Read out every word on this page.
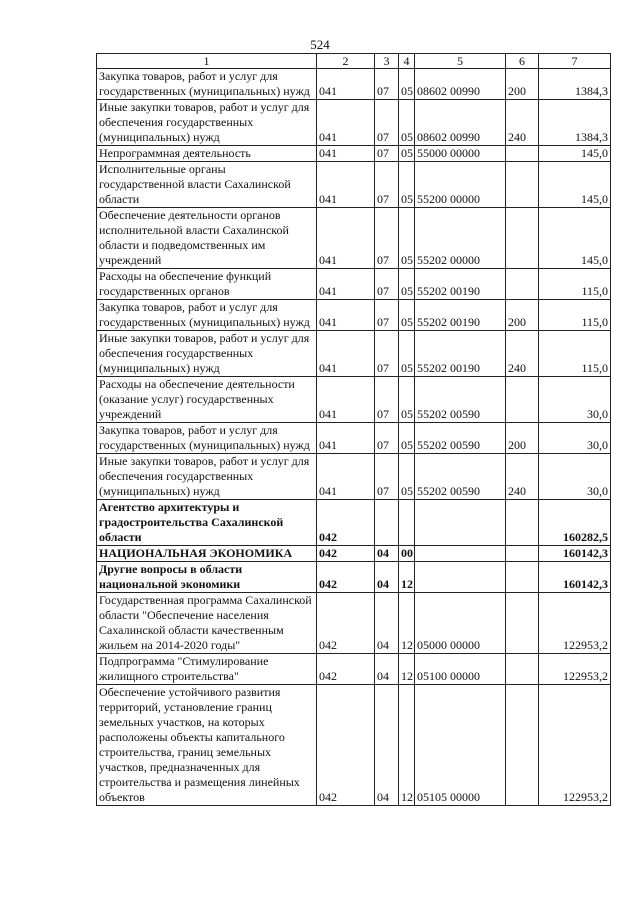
524
1	2	3	4	5	6	7
Закупка товаров, работ и услуг для государственных (муниципальных) нужд	041	07	05	08602 00990	200	1384,3
Иные закупки товаров, работ и услуг для обеспечения государственных (муниципальных) нужд	041	07	05	08602 00990	240	1384,3
Непрограммная деятельность	041	07	05	55000 00000		145,0
Исполнительные органы государственной власти Сахалинской области	041	07	05	55200 00000		145,0
Обеспечение деятельности органов исполнительной власти Сахалинской области и подведомственных им учреждений	041	07	05	55202 00000		145,0
Расходы на обеспечение функций государственных органов	041	07	05	55202 00190		115,0
Закупка товаров, работ и услуг для государственных (муниципальных) нужд	041	07	05	55202 00190	200	115,0
Иные закупки товаров, работ и услуг для обеспечения государственных (муниципальных) нужд	041	07	05	55202 00190	240	115,0
Расходы на обеспечение деятельности (оказание услуг) государственных учреждений	041	07	05	55202 00590		30,0
Закупка товаров, работ и услуг для государственных (муниципальных) нужд	041	07	05	55202 00590	200	30,0
Иные закупки товаров, работ и услуг для обеспечения государственных (муниципальных) нужд	041	07	05	55202 00590	240	30,0
Агентство архитектуры и градостроительства Сахалинской области	042					160282,5
НАЦИОНАЛЬНАЯ ЭКОНОМИКА	042	04	00			160142,3
Другие вопросы в области национальной экономики	042	04	12			160142,3
Государственная программа Сахалинской области "Обеспечение населения Сахалинской области качественным жильем на 2014-2020 годы"	042	04	12	05000 00000		122953,2
Подпрограмма "Стимулирование жилищного строительства"	042	04	12	05100 00000		122953,2
Обеспечение устойчивого развития территорий, установление границ земельных участков, на которых расположены объекты капитального строительства, границ земельных участков, предназначенных для строительства и размещения линейных объектов	042	04	12	05105 00000		122953,2
